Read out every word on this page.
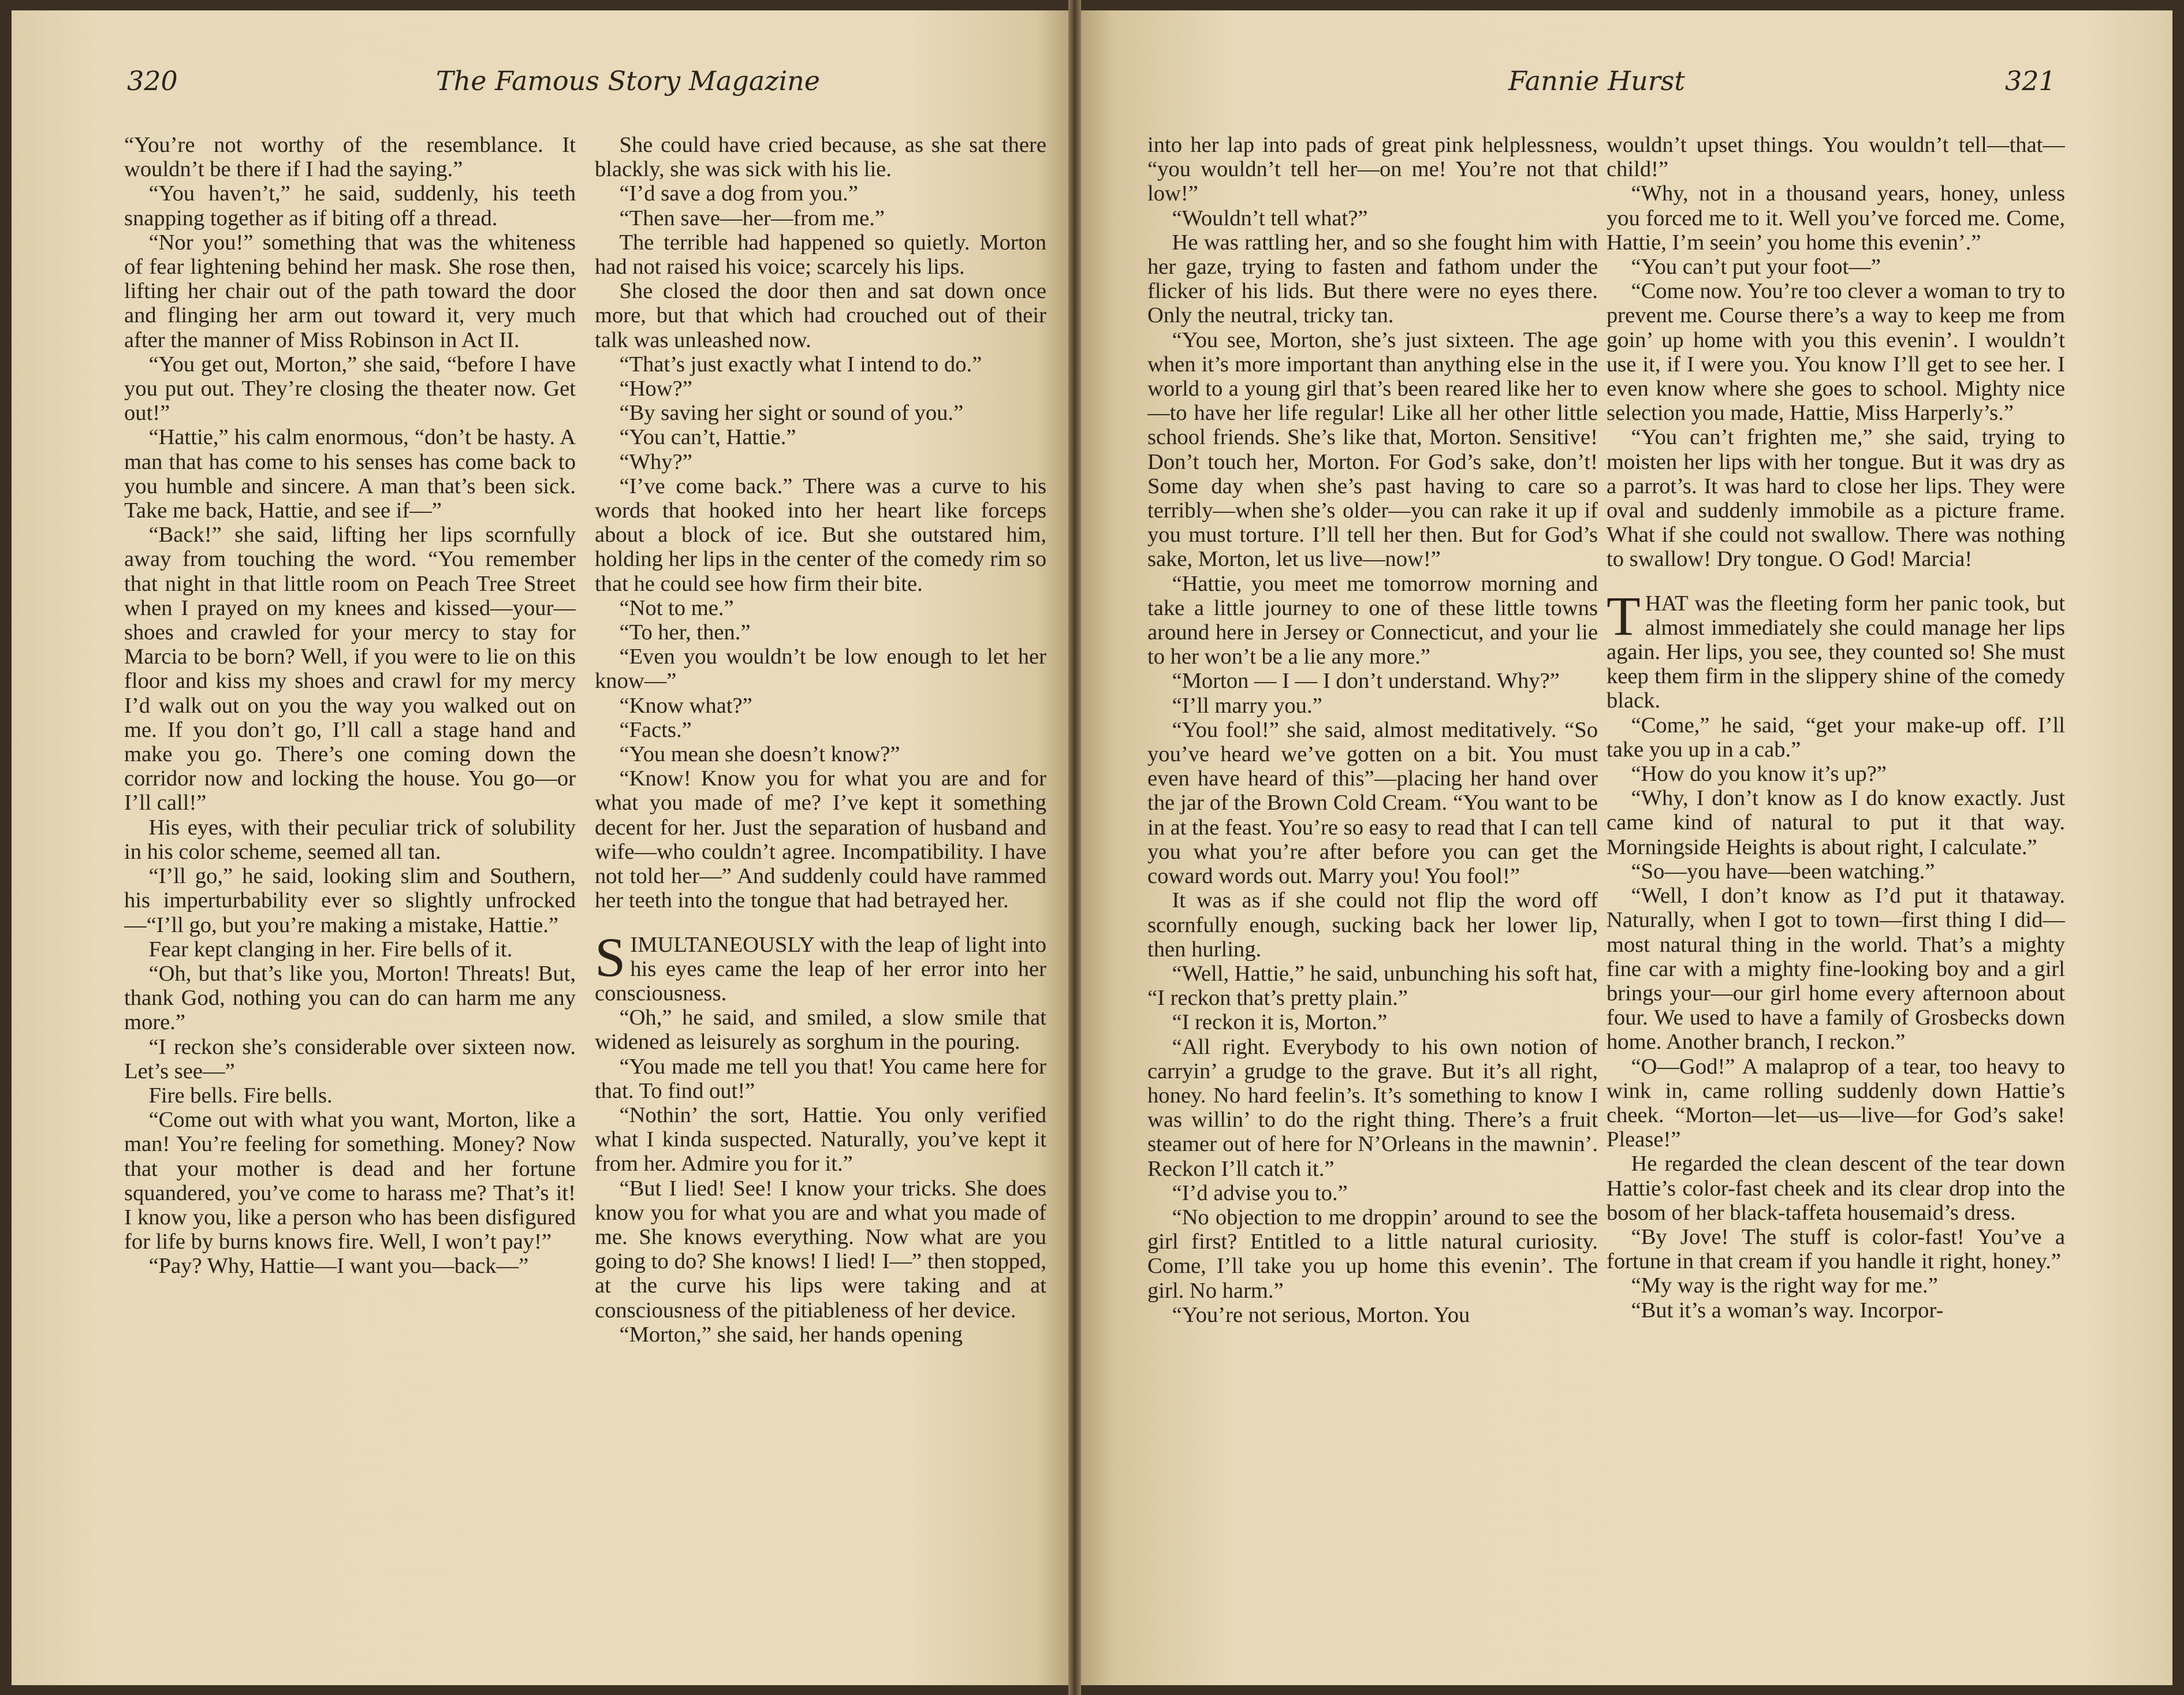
320	The Famous Story Magazine

“You’re not worthy of the resemblance. It wouldn’t be there if I had the saying.”

“You haven’t,” he said, suddenly, his teeth snapping together as if biting off a thread.

“Nor you!” something that was the whiteness of fear lightening behind her mask. She rose then, lifting her chair out of the path toward the door and flinging her arm out toward it, very much after the manner of Miss Robinson in Act II.

“You get out, Morton,” she said, “before I have you put out. They’re closing the theater now. Get out!”

“Hattie,” his calm enormous, “don’t be hasty. A man that has come to his senses has come back to you humble and sincere. A man that’s been sick. Take me back, Hattie, and see if—”

“Back!” she said, lifting her lips scornfully away from touching the word. “You remember that night in that little room on Peach Tree Street when I prayed on my knees and kissed—your—shoes and crawled for your mercy to stay for Marcia to be born? Well, if you were to lie on this floor and kiss my shoes and crawl for my mercy I’d walk out on you the way you walked out on me. If you don’t go, I’ll call a stage hand and make you go. There’s one coming down the corridor now and locking the house. You go—or I’ll call!”

His eyes, with their peculiar trick of solubility in his color scheme, seemed all tan.

“I’ll go,” he said, looking slim and Southern, his imperturbability ever so slightly unfrocked—“I’ll go, but you’re making a mistake, Hattie.”

Fear kept clanging in her. Fire bells of it.

“Oh, but that’s like you, Morton! Threats! But, thank God, nothing you can do can harm me any more.”

“I reckon she’s considerable over sixteen now. Let’s see—”

Fire bells. Fire bells.

“Come out with what you want, Morton, like a man! You’re feeling for something. Money? Now that your mother is dead and her fortune squandered, you’ve come to harass me? That’s it! I know you, like a person who has been disfigured for life by burns knows fire. Well, I won’t pay!”

“Pay? Why, Hattie—I want you—back—”

She could have cried because, as she sat there blackly, she was sick with his lie.

“I’d save a dog from you.”

“Then save—her—from me.”

The terrible had happened so quietly. Morton had not raised his voice; scarcely his lips.

She closed the door then and sat down once more, but that which had crouched out of their talk was unleashed now.

“That’s just exactly what I intend to do.”

“How?”

“By saving her sight or sound of you.”

“You can’t, Hattie.”

“Why?”

“I’ve come back.” There was a curve to his words that hooked into her heart like forceps about a block of ice. But she outstared him, holding her lips in the center of the comedy rim so that he could see how firm their bite.

“Not to me.”

“To her, then.”

“Even you wouldn’t be low enough to let her know—”

“Know what?”

“Facts.”

“You mean she doesn’t know?”

“Know! Know you for what you are and for what you made of me? I’ve kept it something decent for her. Just the separation of husband and wife—who couldn’t agree. Incompatibility. I have not told her—” And suddenly could have rammed her teeth into the tongue that had betrayed her.

SIMULTANEOUSLY with the leap of light into his eyes came the leap of her error into her consciousness.

“Oh,” he said, and smiled, a slow smile that widened as leisurely as sorghum in the pouring.

“You made me tell you that! You came here for that. To find out!”

“Nothin’ the sort, Hattie. You only verified what I kinda suspected. Naturally, you’ve kept it from her. Admire you for it.”

“But I lied! See! I know your tricks. She does know you for what you are and what you made of me. She knows everything. Now what are you going to do? She knows! I lied! I—” then stopped, at the curve his lips were taking and at consciousness of the pitiableness of her device.

“Morton,” she said, her hands opening

Fannie Hurst	321

into her lap into pads of great pink helplessness, “you wouldn’t tell her—on me! You’re not that low!”

“Wouldn’t tell what?”

He was rattling her, and so she fought him with her gaze, trying to fasten and fathom under the flicker of his lids. But there were no eyes there. Only the neutral, tricky tan.

“You see, Morton, she’s just sixteen. The age when it’s more important than anything else in the world to a young girl that’s been reared like her to—to have her life regular! Like all her other little school friends. She’s like that, Morton. Sensitive! Don’t touch her, Morton. For God’s sake, don’t! Some day when she’s past having to care so terribly—when she’s older—you can rake it up if you must torture. I’ll tell her then. But for God’s sake, Morton, let us live—now!”

“Hattie, you meet me tomorrow morning and take a little journey to one of these little towns around here in Jersey or Connecticut, and your lie to her won’t be a lie any more.”

“Morton — I — I don’t understand. Why?”

“I’ll marry you.”

“You fool!” she said, almost meditatively. “So you’ve heard we’ve gotten on a bit. You must even have heard of this”—placing her hand over the jar of the Brown Cold Cream. “You want to be in at the feast. You’re so easy to read that I can tell you what you’re after before you can get the coward words out. Marry you! You fool!”

It was as if she could not flip the word off scornfully enough, sucking back her lower lip, then hurling.

“Well, Hattie,” he said, unbunching his soft hat, “I reckon that’s pretty plain.”

“I reckon it is, Morton.”

“All right. Everybody to his own notion of carryin’ a grudge to the grave. But it’s all right, honey. No hard feelin’s. It’s something to know I was willin’ to do the right thing. There’s a fruit steamer out of here for N’Orleans in the mawnin’. Reckon I’ll catch it.”

“I’d advise you to.”

“No objection to me droppin’ around to see the girl first? Entitled to a little natural curiosity. Come, I’ll take you up home this evenin’. The girl. No harm.”

“You’re not serious, Morton. You

wouldn’t upset things. You wouldn’t tell—that—child!”

“Why, not in a thousand years, honey, unless you forced me to it. Well you’ve forced me. Come, Hattie, I’m seein’ you home this evenin’.”

“You can’t put your foot—”

“Come now. You’re too clever a woman to try to prevent me. Course there’s a way to keep me from goin’ up home with you this evenin’. I wouldn’t use it, if I were you. You know I’ll get to see her. I even know where she goes to school. Mighty nice selection you made, Hattie, Miss Harperly’s.”

“You can’t frighten me,” she said, trying to moisten her lips with her tongue. But it was dry as a parrot’s. It was hard to close her lips. They were oval and suddenly immobile as a picture frame. What if she could not swallow. There was nothing to swallow! Dry tongue. O God! Marcia!

THAT was the fleeting form her panic took, but almost immediately she could manage her lips again. Her lips, you see, they counted so! She must keep them firm in the slippery shine of the comedy black.

“Come,” he said, “get your make-up off. I’ll take you up in a cab.”

“How do you know it’s up?”

“Why, I don’t know as I do know exactly. Just came kind of natural to put it that way. Morningside Heights is about right, I calculate.”

“So—you have—been watching.”

“Well, I don’t know as I’d put it thataway. Naturally, when I got to town—first thing I did—most natural thing in the world. That’s a mighty fine car with a mighty fine-looking boy and a girl brings your—our girl home every afternoon about four. We used to have a family of Grosbecks down home. Another branch, I reckon.”

“O—God!” A malaprop of a tear, too heavy to wink in, came rolling suddenly down Hattie’s cheek. “Morton—let—us—live—for God’s sake! Please!”

He regarded the clean descent of the tear down Hattie’s color-fast cheek and its clear drop into the bosom of her black-taffeta housemaid’s dress.

“By Jove! The stuff is color-fast! You’ve a fortune in that cream if you handle it right, honey.”

“My way is the right way for me.”

“But it’s a woman’s way. Incorpor-
